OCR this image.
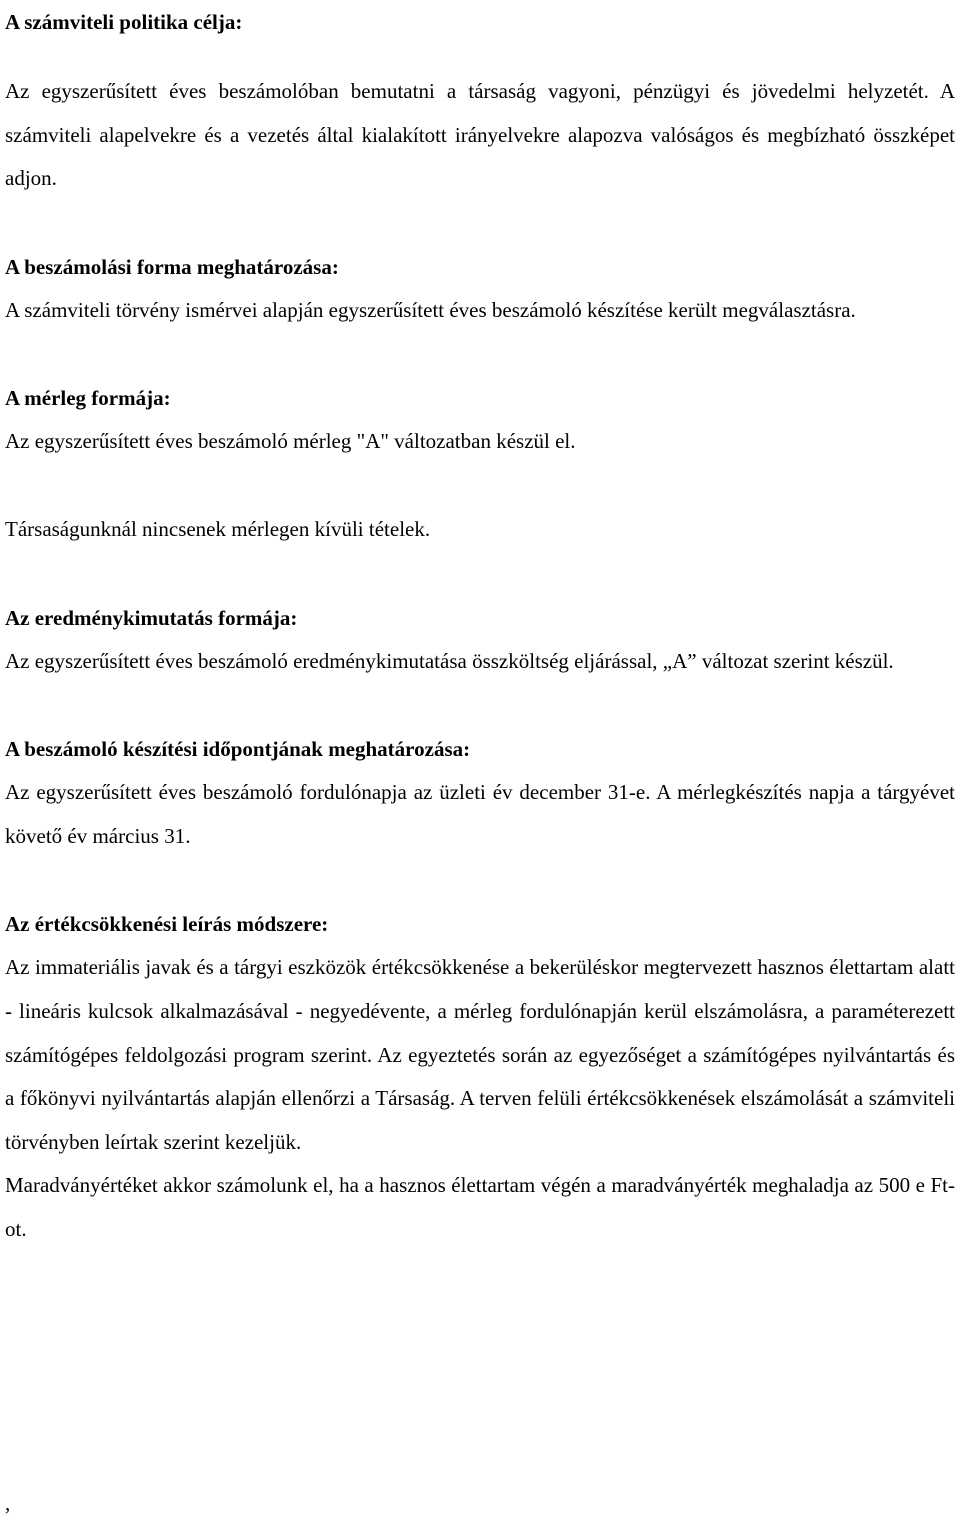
A számviteli politika célja:

Az egyszerűsített éves beszámolóban bemutatni a társaság vagyoni, pénzügyi és jövedelmi helyzetét. A számviteli alapelvekre és a vezetés által kialakított irányelvekre alapozva valóságos és megbízható összképet adjon.

A beszámolási forma meghatározása:

A számviteli törvény ismérvei alapján egyszerűsített éves beszámoló készítése került megválasztásra.

A mérleg formája:

Az egyszerűsített éves beszámoló mérleg "A" változatban készül el.

Társaságunknál nincsenek mérlegen kívüli tételek.

Az eredménykimutatás formája:

Az egyszerűsített éves beszámoló eredménykimutatása összköltség eljárással, „A” változat szerint készül.

A beszámoló készítési időpontjának meghatározása:

Az egyszerűsített éves beszámoló fordulónapja az üzleti év december 31-e. A mérlegkészítés napja a tárgyévet követő év március 31.

Az értékcsökkenési leírás módszere:

Az immateriális javak és a tárgyi eszközök értékcsökkenése a bekerüléskor megtervezett hasznos élettartam alatt - lineáris kulcsok alkalmazásával - negyedévente, a mérleg fordulónapján kerül elszámolásra, a paraméterezett számítógépes feldolgozási program szerint. Az egyeztetés során az egyezőséget a számítógépes nyilvántartás és a főkönyvi nyilvántartás alapján ellenőrzi a Társaság. A terven felüli értékcsökkenések elszámolását a számviteli törvényben leírtak szerint kezeljük.

Maradványértéket akkor számolunk el, ha a hasznos élettartam végén a maradványérték meghaladja az 500 e Ft-ot.

,
